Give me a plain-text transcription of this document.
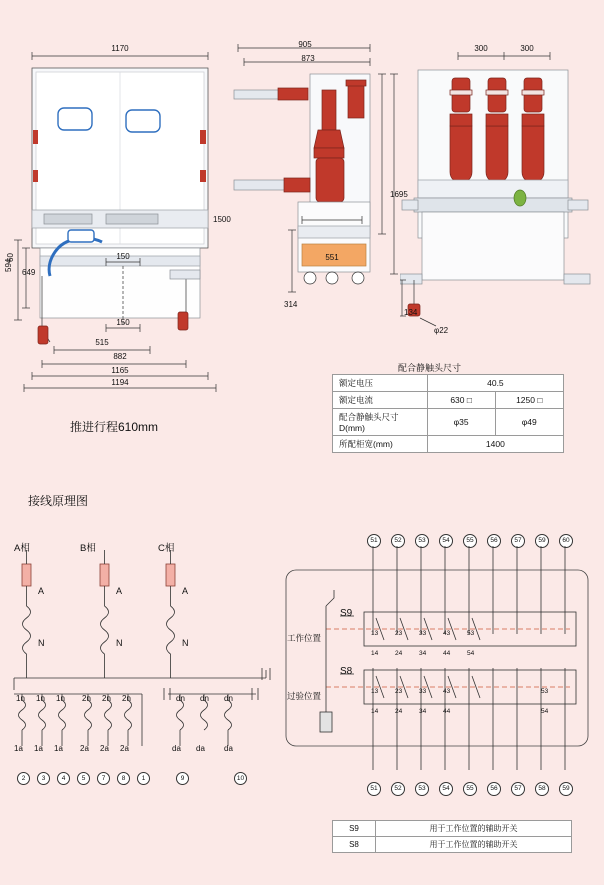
1170
882
1165
1194
515
150
150
649
594
60
推进行程610mm
905
873
1500
1695
551
314
300	300
134
φ22
配合静触头尺寸
额定电压	40.5	
额定电流	630 □	1250 □
配合静触头尺寸D(mm)	φ35	φ49
所配柜宽(mm)	1400	
接线原理图
A相	B相	C相
A	A	A
N	N	N
1n 1n 1n 2n 2n 2n
1a 1a 1a 2a 2a 2a
dn dn dn
da da da
2	3	4	5	7	8	1	9	10
51	52	53	54	55	56	57	59	60
S9
工作位置
S8
过验位置
13	23	33	43	53
14	24	34	44	54
13	23	33	43	53
14	24	34	44	54
51	52	53	54	55	56	57	58	59
S9	用于工作位置的辅助开关
S8	用于工作位置的辅助开关
